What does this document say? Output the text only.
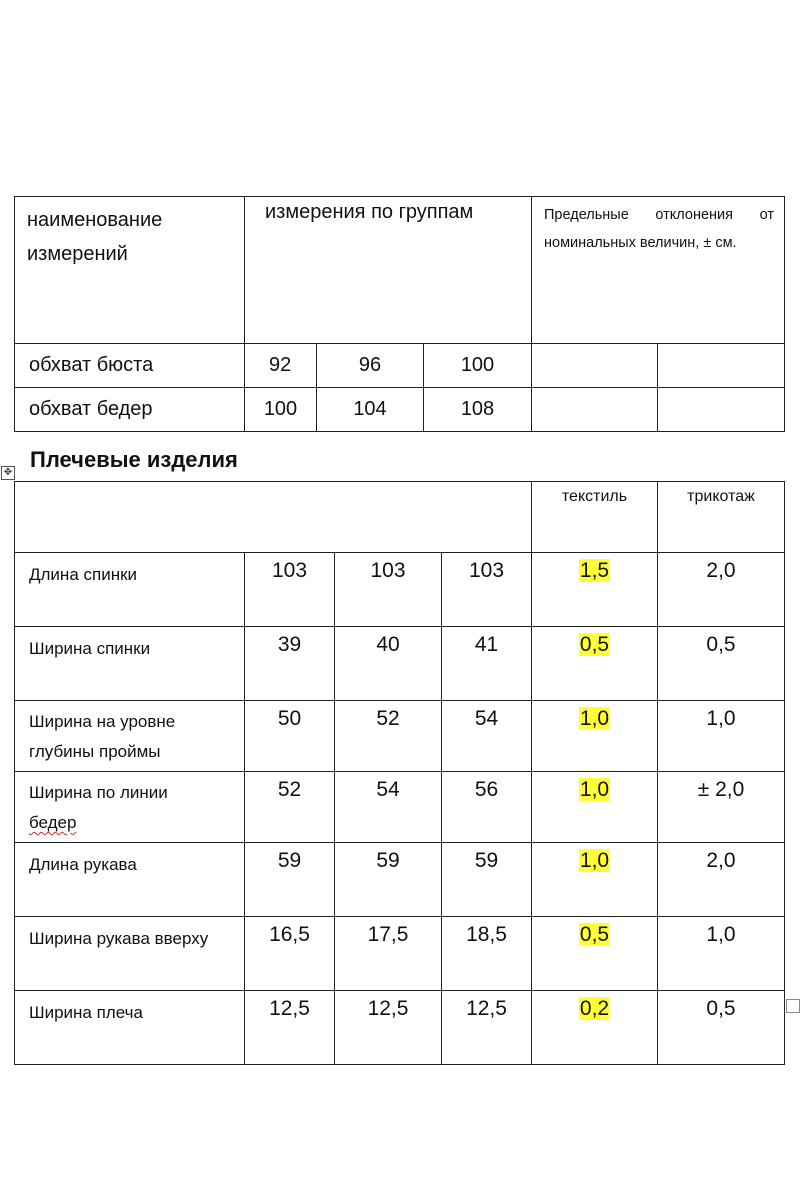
наименование измерений	измерения по группам			Предельные отклонения от номинальных величин, ± см.	
обхват бюста	92	96	100		
обхват бедер	100	104	108		
Плечевые изделия
✥
				текстиль	трикотаж
Длина спинки	103	103	103	1,5	2,0
Ширина спинки	39	40	41	0,5	0,5
Ширина на уровне
глубины проймы	50	52	54	1,0	1,0
Ширина по линии
бедер	52	54	56	1,0	± 2,0
Длина рукава	59	59	59	1,0	2,0
Ширина рукава вверху	16,5	17,5	18,5	0,5	1,0
Ширина плеча	12,5	12,5	12,5	0,2	0,5
